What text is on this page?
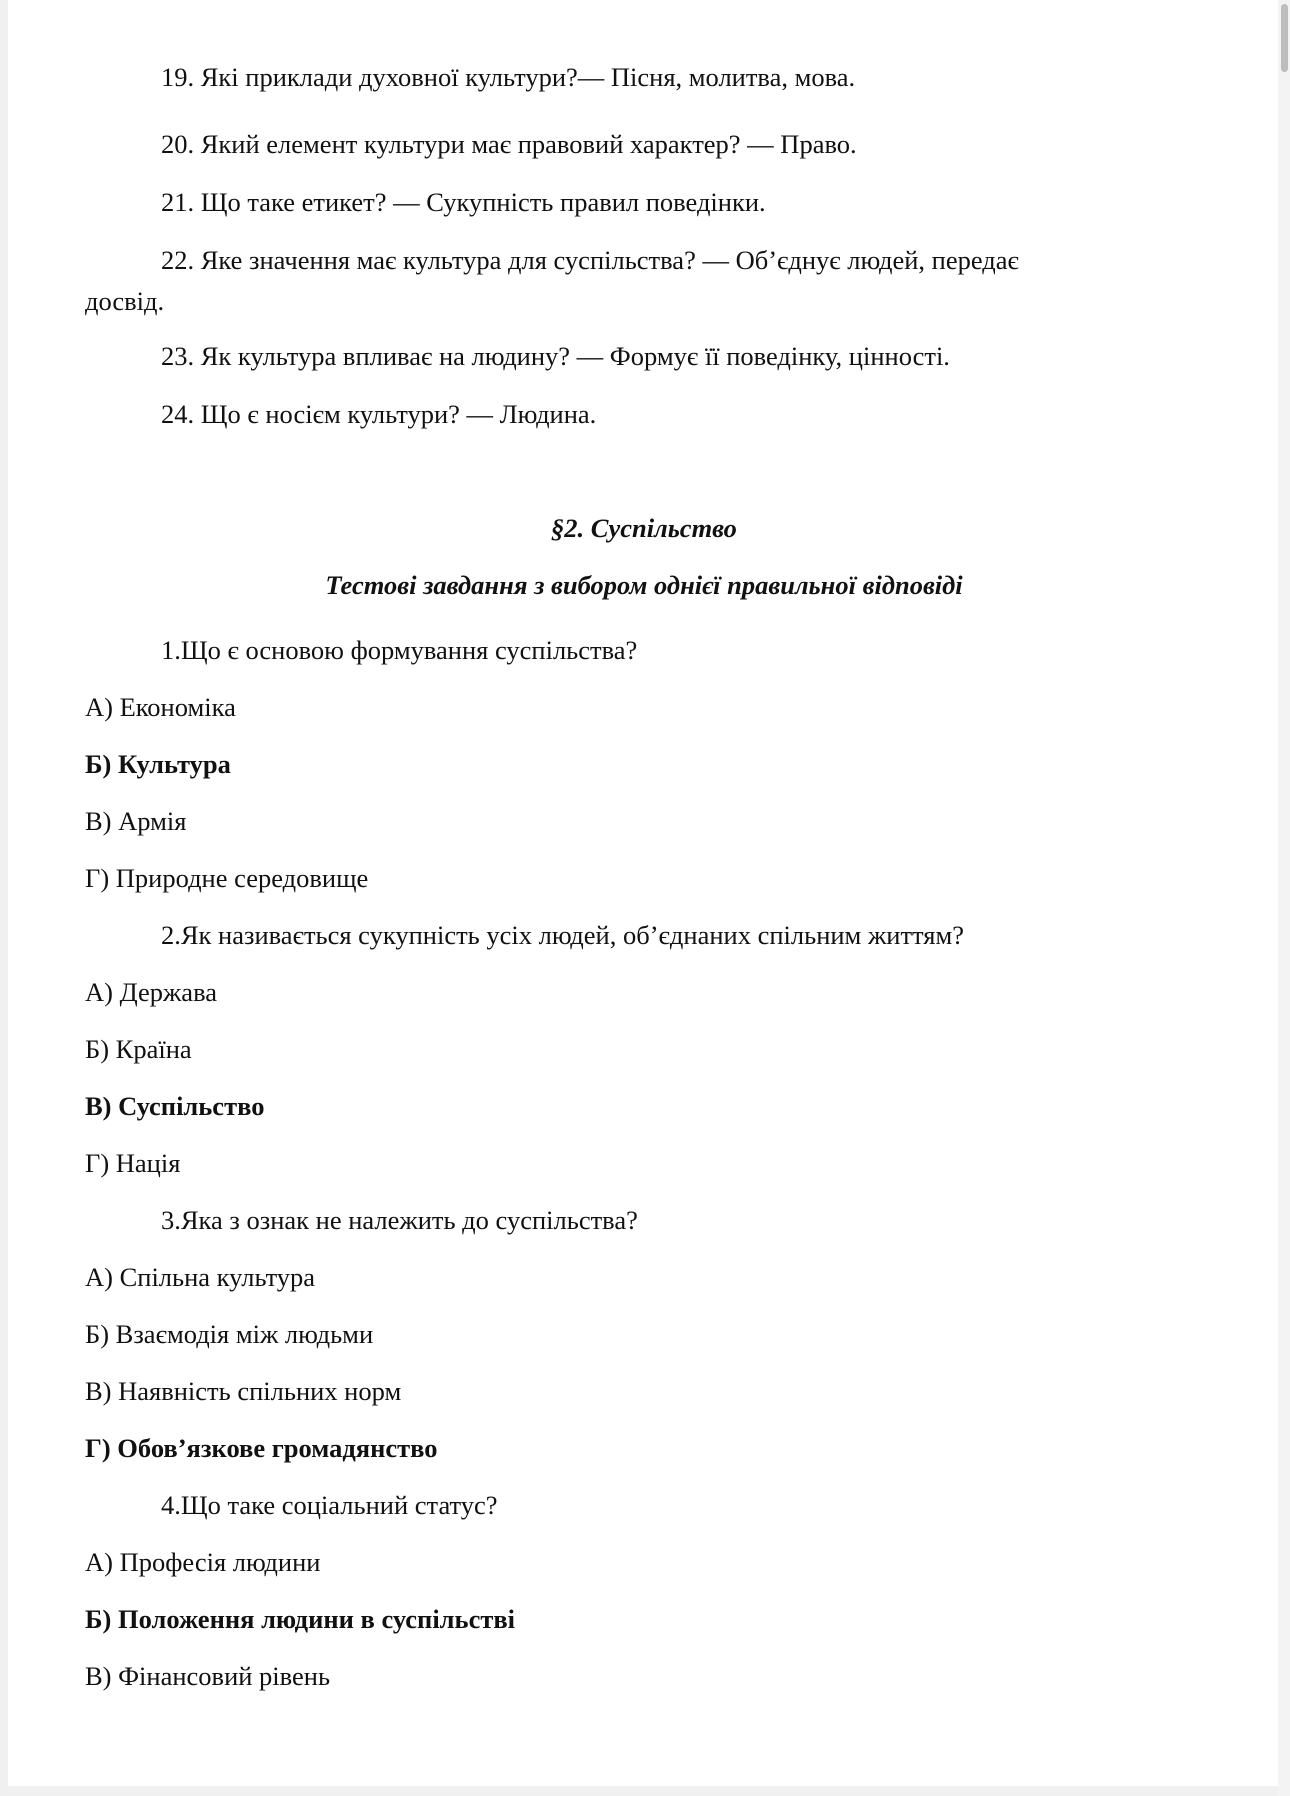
19. Які приклади духовної культури?— Пісня, молитва, мова.
20. Який елемент культури має правовий характер? — Право.
21. Що таке етикет? — Сукупність правил поведінки.
22. Яке значення має культура для суспільства? — Об’єднує людей, передає
досвід.
23. Як культура впливає на людину? — Формує її поведінку, цінності.
24. Що є носієм культури? — Людина.
§2. Суспільство
Тестові завдання з вибором однієї правильної відповіді
1.Що є основою формування суспільства?
А) Економіка
Б) Культура
В) Армія
Г) Природне середовище
2.Як називається сукупність усіх людей, об’єднаних спільним життям?
А) Держава
Б) Країна
В) Суспільство
Г) Нація
3.Яка з ознак не належить до суспільства?
А) Спільна культура
Б) Взаємодія між людьми
В) Наявність спільних норм
Г) Обов’язкове громадянство
4.Що таке соціальний статус?
А) Професія людини
Б) Положення людини в суспільстві
В) Фінансовий рівень
